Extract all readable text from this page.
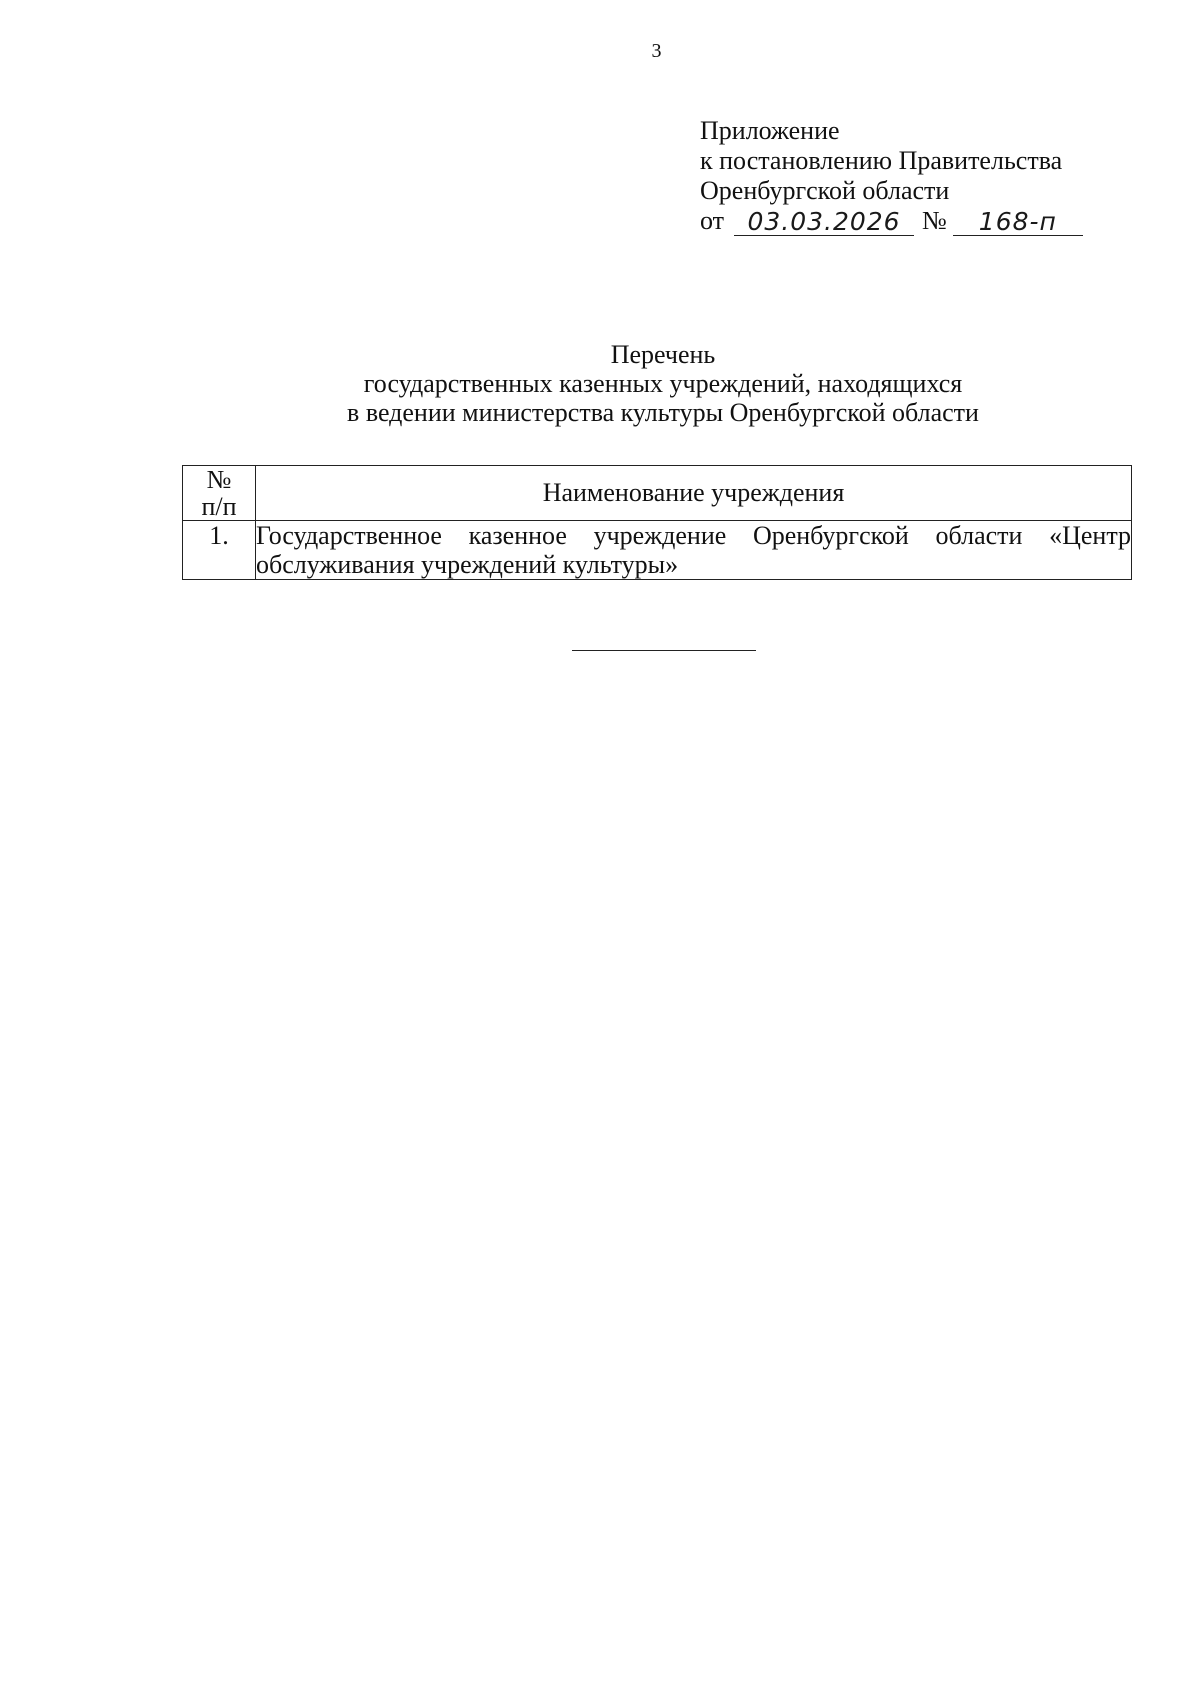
3
Приложение
к постановлению Правительства
Оренбургской области
от 03.03.2026 №	168-п
Перечень
государственных казенных учреждений, находящихся
в ведении министерства культуры Оренбургской области
№
п/п	Наименование учреждения
1.	Государственное казенное учреждение Оренбургской области «Центр обслуживания учреждений культуры»
